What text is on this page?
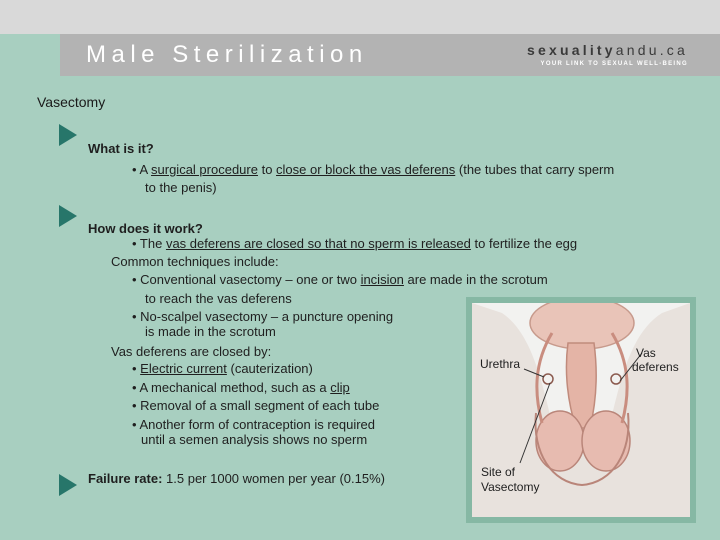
Male Sterilization	sexualityandu.ca
YOUR LINK TO SEXUAL WELL-BEING
Vasectomy
What is it?
• A surgical procedure to close or block the vas deferens (the tubes that carry sperm
to the penis)
How does it work?
• The vas deferens are closed so that no sperm is released to fertilize the egg
Common techniques include:
• Conventional vasectomy – one or two incision are made in the scrotum
to reach the vas deferens
• No-scalpel vasectomy – a puncture opening
is made in the scrotum
Vas deferens are closed by:
• Electric current (cauterization)
• A mechanical method, such as a clip
• Removal of a small segment of each tube
• Another form of contraception is required
until a semen analysis shows no sperm
Failure rate: 1.5 per 1000 women per year (0.15%)
Urethra
Vas
deferens
Site of
Vasectomy
